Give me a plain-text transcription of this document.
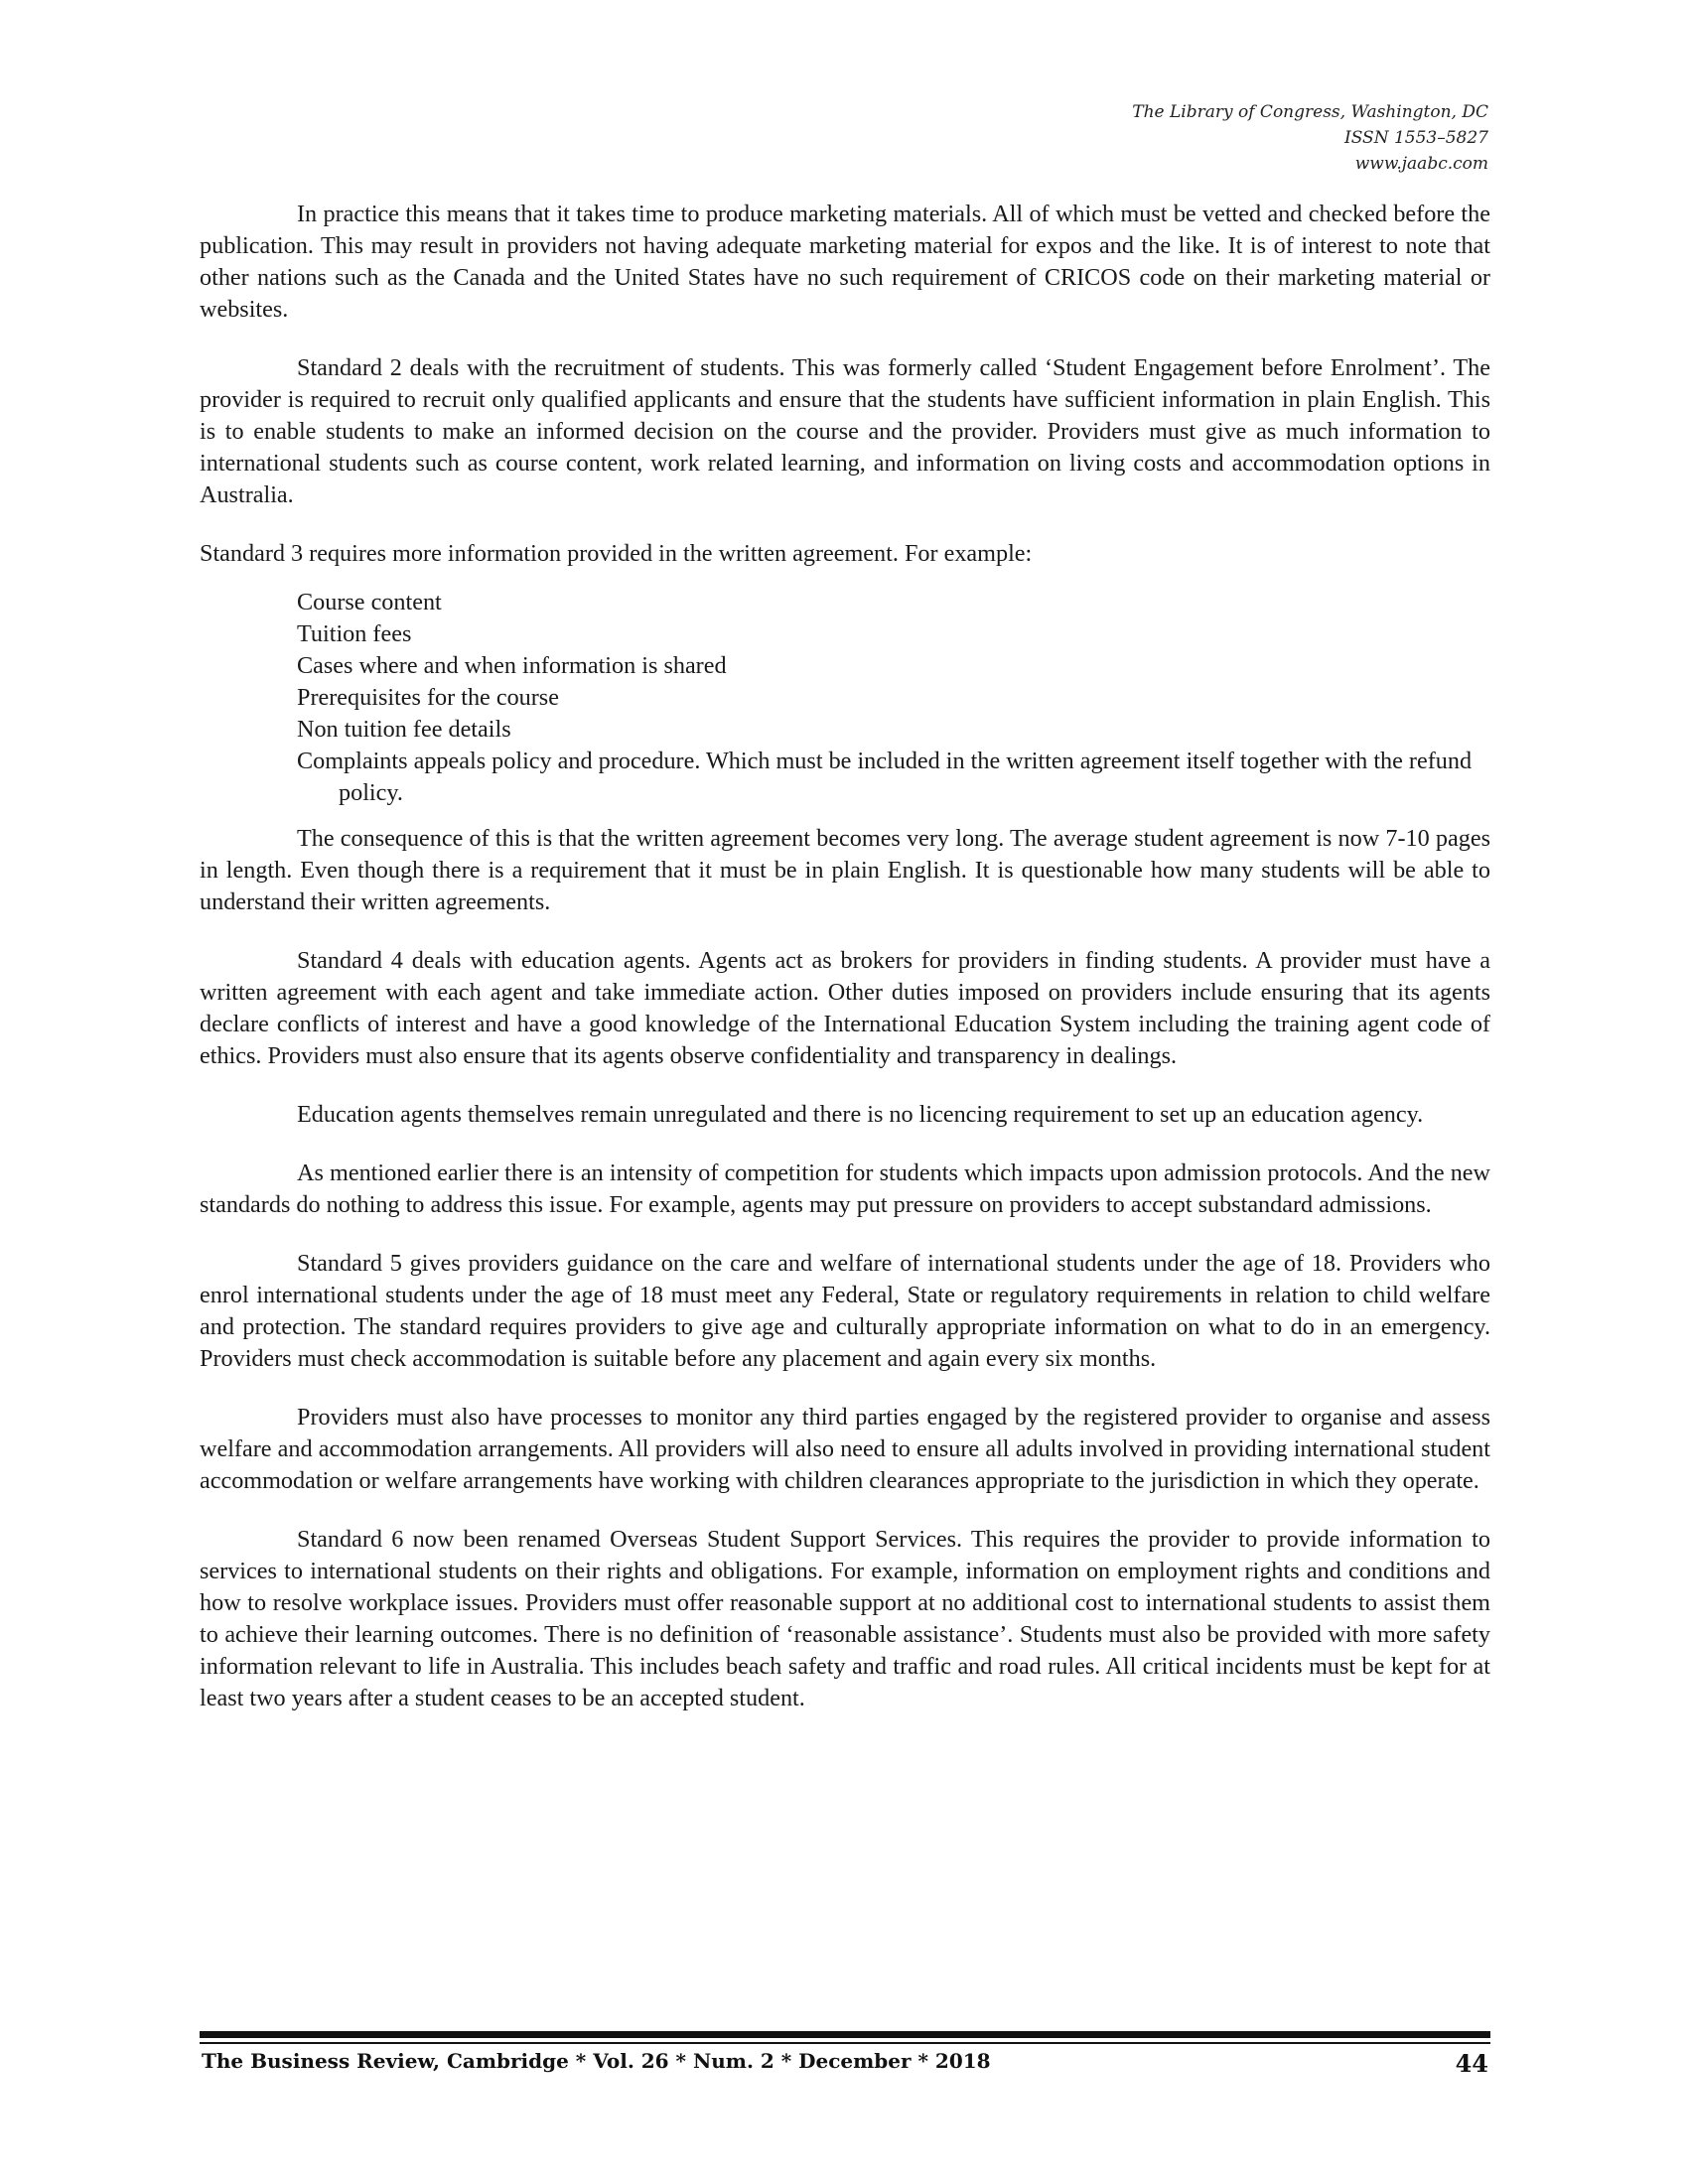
The Library of Congress, Washington, DC
ISSN 1553–5827
www.jaabc.com

In practice this means that it takes time to produce marketing materials. All of which must be vetted and checked before the publication. This may result in providers not having adequate marketing material for expos and the like. It is of interest to note that other nations such as the Canada and the United States have no such requirement of CRICOS code on their marketing material or websites.

Standard 2 deals with the recruitment of students. This was formerly called ‘Student Engagement before Enrolment’. The provider is required to recruit only qualified applicants and ensure that the students have sufficient information in plain English. This is to enable students to make an informed decision on the course and the provider. Providers must give as much information to international students such as course content, work related learning, and information on living costs and accommodation options in Australia.

Standard 3 requires more information provided in the written agreement. For example:

Course content
Tuition fees
Cases where and when information is shared
Prerequisites for the course
Non tuition fee details
Complaints appeals policy and procedure. Which must be included in the written agreement itself together with the refund policy.

The consequence of this is that the written agreement becomes very long. The average student agreement is now 7-10 pages in length. Even though there is a requirement that it must be in plain English. It is questionable how many students will be able to understand their written agreements.

Standard 4 deals with education agents. Agents act as brokers for providers in finding students. A provider must have a written agreement with each agent and take immediate action. Other duties imposed on providers include ensuring that its agents declare conflicts of interest and have a good knowledge of the International Education System including the training agent code of ethics. Providers must also ensure that its agents observe confidentiality and transparency in dealings.

Education agents themselves remain unregulated and there is no licencing requirement to set up an education agency.

As mentioned earlier there is an intensity of competition for students which impacts upon admission protocols. And the new standards do nothing to address this issue. For example, agents may put pressure on providers to accept substandard admissions.

Standard 5 gives providers guidance on the care and welfare of international students under the age of 18. Providers who enrol international students under the age of 18 must meet any Federal, State or regulatory requirements in relation to child welfare and protection. The standard requires providers to give age and culturally appropriate information on what to do in an emergency. Providers must check accommodation is suitable before any placement and again every six months.

Providers must also have processes to monitor any third parties engaged by the registered provider to organise and assess welfare and accommodation arrangements. All providers will also need to ensure all adults involved in providing international student accommodation or welfare arrangements have working with children clearances appropriate to the jurisdiction in which they operate.

Standard 6 now been renamed Overseas Student Support Services. This requires the provider to provide information to services to international students on their rights and obligations. For example, information on employment rights and conditions and how to resolve workplace issues. Providers must offer reasonable support at no additional cost to international students to assist them to achieve their learning outcomes. There is no definition of ‘reasonable assistance’. Students must also be provided with more safety information relevant to life in Australia. This includes beach safety and traffic and road rules. All critical incidents must be kept for at least two years after a student ceases to be an accepted student.

The Business Review, Cambridge * Vol. 26 * Num. 2 * December * 2018	44
